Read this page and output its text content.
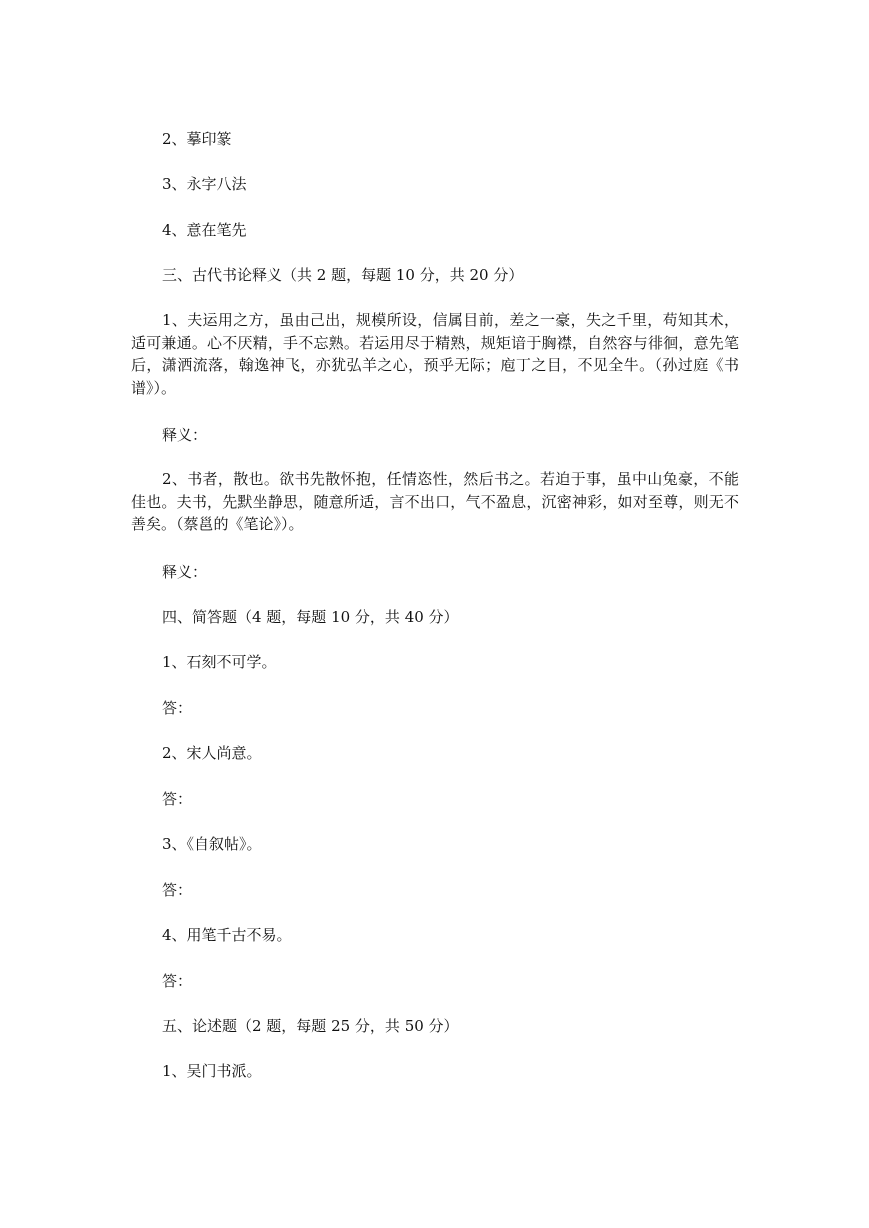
2、摹印篆
3、永字八法
4、意在笔先
三、古代书论释义（共 2 题，每题 10 分，共 20 分）
1、夫运用之方，虽由己出，规模所设，信属目前，差之一豪，失之千里，苟知其术，适可兼通。心不厌精，手不忘熟。若运用尽于精熟，规矩谙于胸襟，自然容与徘徊，意先笔后，潇洒流落，翰逸神飞，亦犹弘羊之心，预乎无际；庖丁之目，不见全牛。（孙过庭《书谱》）。
释义：
2、书者，散也。欲书先散怀抱，任情恣性，然后书之。若迫于事，虽中山兔豪，不能佳也。夫书，先默坐静思，随意所适，言不出口，气不盈息，沉密神彩，如对至尊，则无不善矣。（蔡邕的《笔论》）。
释义：
四、简答题（4 题，每题 10 分，共 40 分）
1、石刻不可学。
答：
2、宋人尚意。
答：
3、《自叙帖》。
答：
4、用笔千古不易。
答：
五、论述题（2 题，每题 25 分，共 50 分）
1、吴门书派。
